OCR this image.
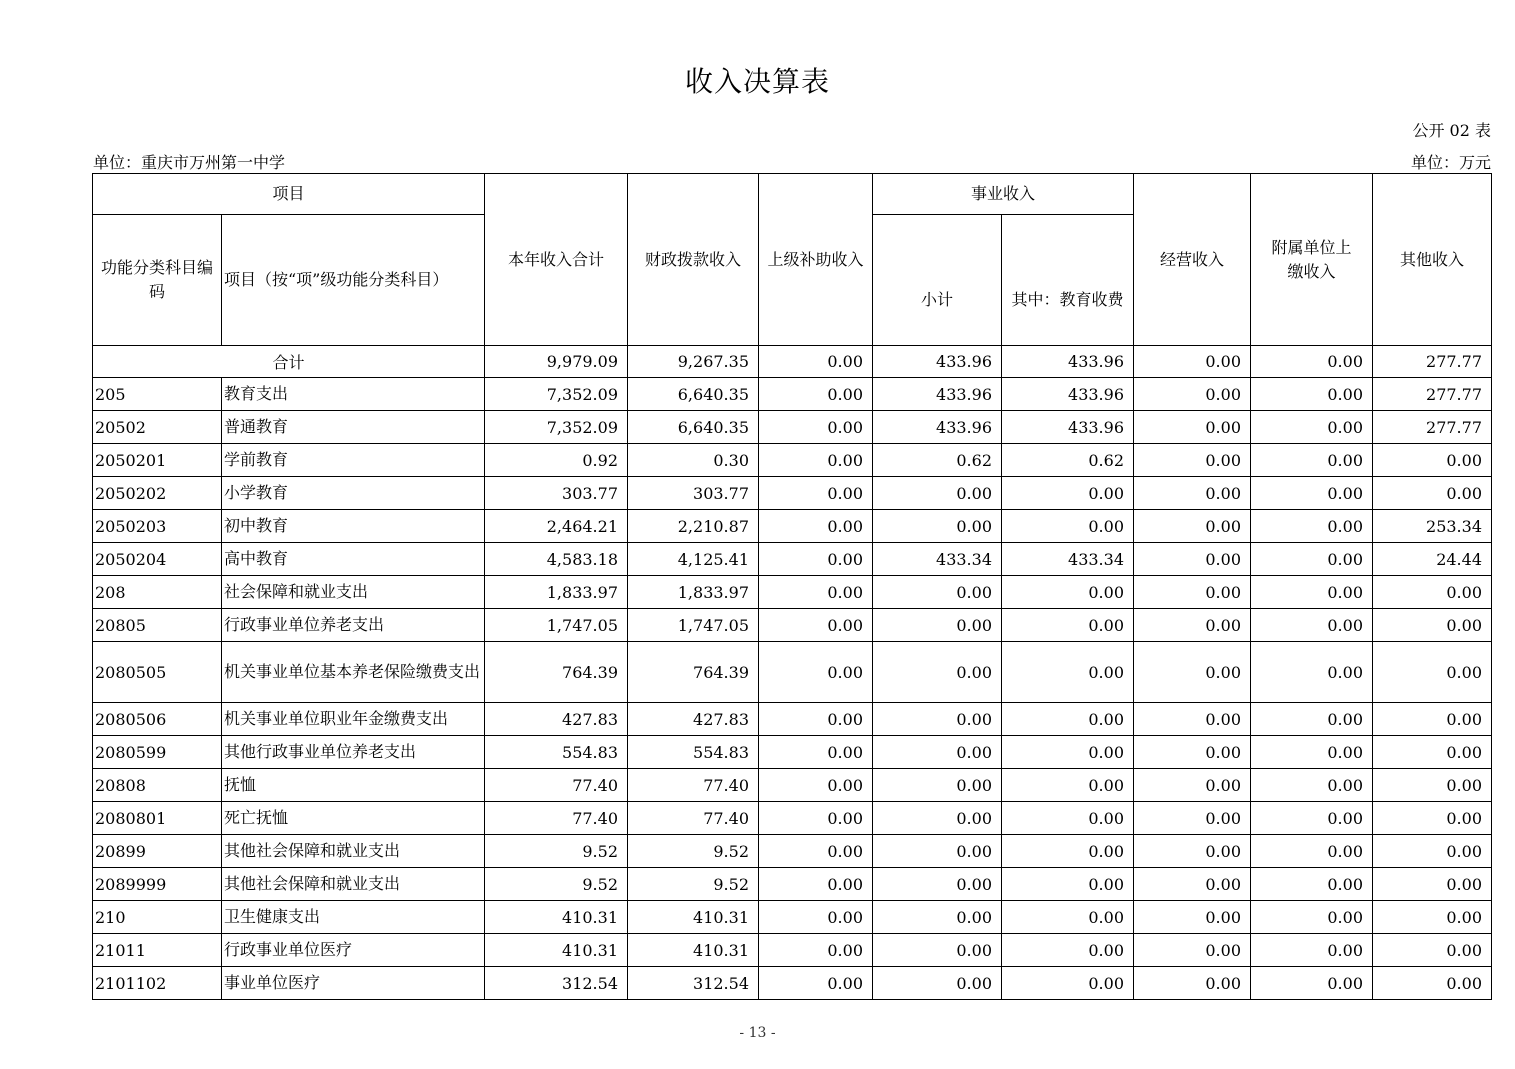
收入决算表
公开 02 表
单位：重庆市万州第一中学	单位：万元
项目		本年收入合计	财政拨款收入	上级补助收入	事业收入		经营收入	附属单位上缴收入	其他收入
功能分类科目编码	项目（按“项”级功能分类科目）				小计	其中：教育收费			
合计		9,979.09	9,267.35	0.00	433.96	433.96	0.00	0.00	277.77
205	教育支出	7,352.09	6,640.35	0.00	433.96	433.96	0.00	0.00	277.77
20502	普通教育	7,352.09	6,640.35	0.00	433.96	433.96	0.00	0.00	277.77
2050201	学前教育	0.92	0.30	0.00	0.62	0.62	0.00	0.00	0.00
2050202	小学教育	303.77	303.77	0.00	0.00	0.00	0.00	0.00	0.00
2050203	初中教育	2,464.21	2,210.87	0.00	0.00	0.00	0.00	0.00	253.34
2050204	高中教育	4,583.18	4,125.41	0.00	433.34	433.34	0.00	0.00	24.44
208	社会保障和就业支出	1,833.97	1,833.97	0.00	0.00	0.00	0.00	0.00	0.00
20805	行政事业单位养老支出	1,747.05	1,747.05	0.00	0.00	0.00	0.00	0.00	0.00
2080505	机关事业单位基本养老保险缴费支出	764.39	764.39	0.00	0.00	0.00	0.00	0.00	0.00
2080506	机关事业单位职业年金缴费支出	427.83	427.83	0.00	0.00	0.00	0.00	0.00	0.00
2080599	其他行政事业单位养老支出	554.83	554.83	0.00	0.00	0.00	0.00	0.00	0.00
20808	抚恤	77.40	77.40	0.00	0.00	0.00	0.00	0.00	0.00
2080801	死亡抚恤	77.40	77.40	0.00	0.00	0.00	0.00	0.00	0.00
20899	其他社会保障和就业支出	9.52	9.52	0.00	0.00	0.00	0.00	0.00	0.00
2089999	其他社会保障和就业支出	9.52	9.52	0.00	0.00	0.00	0.00	0.00	0.00
210	卫生健康支出	410.31	410.31	0.00	0.00	0.00	0.00	0.00	0.00
21011	行政事业单位医疗	410.31	410.31	0.00	0.00	0.00	0.00	0.00	0.00
2101102	事业单位医疗	312.54	312.54	0.00	0.00	0.00	0.00	0.00	0.00
- 13 -
